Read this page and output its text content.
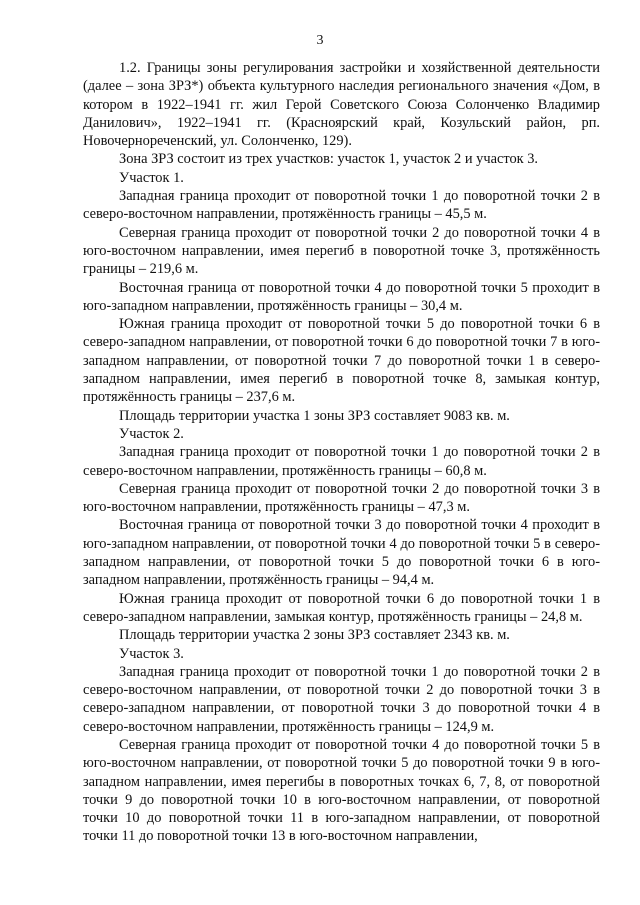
3

1.2. Границы зоны регулирования застройки и хозяйственной деятельности (далее – зона ЗРЗ*) объекта культурного наследия регионального значения «Дом, в котором в 1922–1941 гг. жил Герой Советского Союза Солонченко Владимир Данилович», 1922–1941 гг. (Красноярский край, Козульский район, рп. Новочернореченский, ул. Солонченко, 129).

Зона ЗРЗ состоит из трех участков: участок 1, участок 2 и участок 3.

Участок 1.

Западная граница проходит от поворотной точки 1 до поворотной точки 2 в северо-восточном направлении, протяжённость границы – 45,5 м.

Северная граница проходит от поворотной точки 2 до поворотной точки 4 в юго-восточном направлении, имея перегиб в поворотной точке 3, протяжённость границы – 219,6 м.

Восточная граница от поворотной точки 4 до поворотной точки 5 проходит в юго-западном направлении, протяжённость границы – 30,4 м.

Южная граница проходит от поворотной точки 5 до поворотной точки 6 в северо-западном направлении, от поворотной точки 6 до поворотной точки 7 в юго-западном направлении, от поворотной точки 7 до поворотной точки 1 в северо-западном направлении, имея перегиб в поворотной точке 8, замыкая контур, протяжённость границы – 237,6 м.

Площадь территории участка 1 зоны ЗРЗ составляет 9083 кв. м.

Участок 2.

Западная граница проходит от поворотной точки 1 до поворотной точки 2 в северо-восточном направлении, протяжённость границы – 60,8 м.

Северная граница проходит от поворотной точки 2 до поворотной точки 3 в юго-восточном направлении, протяжённость границы – 47,3 м.

Восточная граница от поворотной точки 3 до поворотной точки 4 проходит в юго-западном направлении, от поворотной точки 4 до поворотной точки 5 в северо-западном направлении, от поворотной точки 5 до поворотной точки 6 в юго-западном направлении, протяжённость границы – 94,4 м.

Южная граница проходит от поворотной точки 6 до поворотной точки 1 в северо-западном направлении, замыкая контур, протяжённость границы – 24,8 м.

Площадь территории участка 2 зоны ЗРЗ составляет 2343 кв. м.

Участок 3.

Западная граница проходит от поворотной точки 1 до поворотной точки 2 в северо-восточном направлении, от поворотной точки 2 до поворотной точки 3 в северо-западном направлении, от поворотной точки 3 до поворотной точки 4 в северо-восточном направлении, протяжённость границы – 124,9 м.

Северная граница проходит от поворотной точки 4 до поворотной точки 5 в юго-восточном направлении, от поворотной точки 5 до поворотной точки 9 в юго-западном направлении, имея перегибы в поворотных точках 6, 7, 8, от поворотной точки 9 до поворотной точки 10 в юго-восточном направлении, от поворотной точки 10 до поворотной точки 11 в юго-западном направлении, от поворотной точки 11 до поворотной точки 13 в юго-восточном направлении,
